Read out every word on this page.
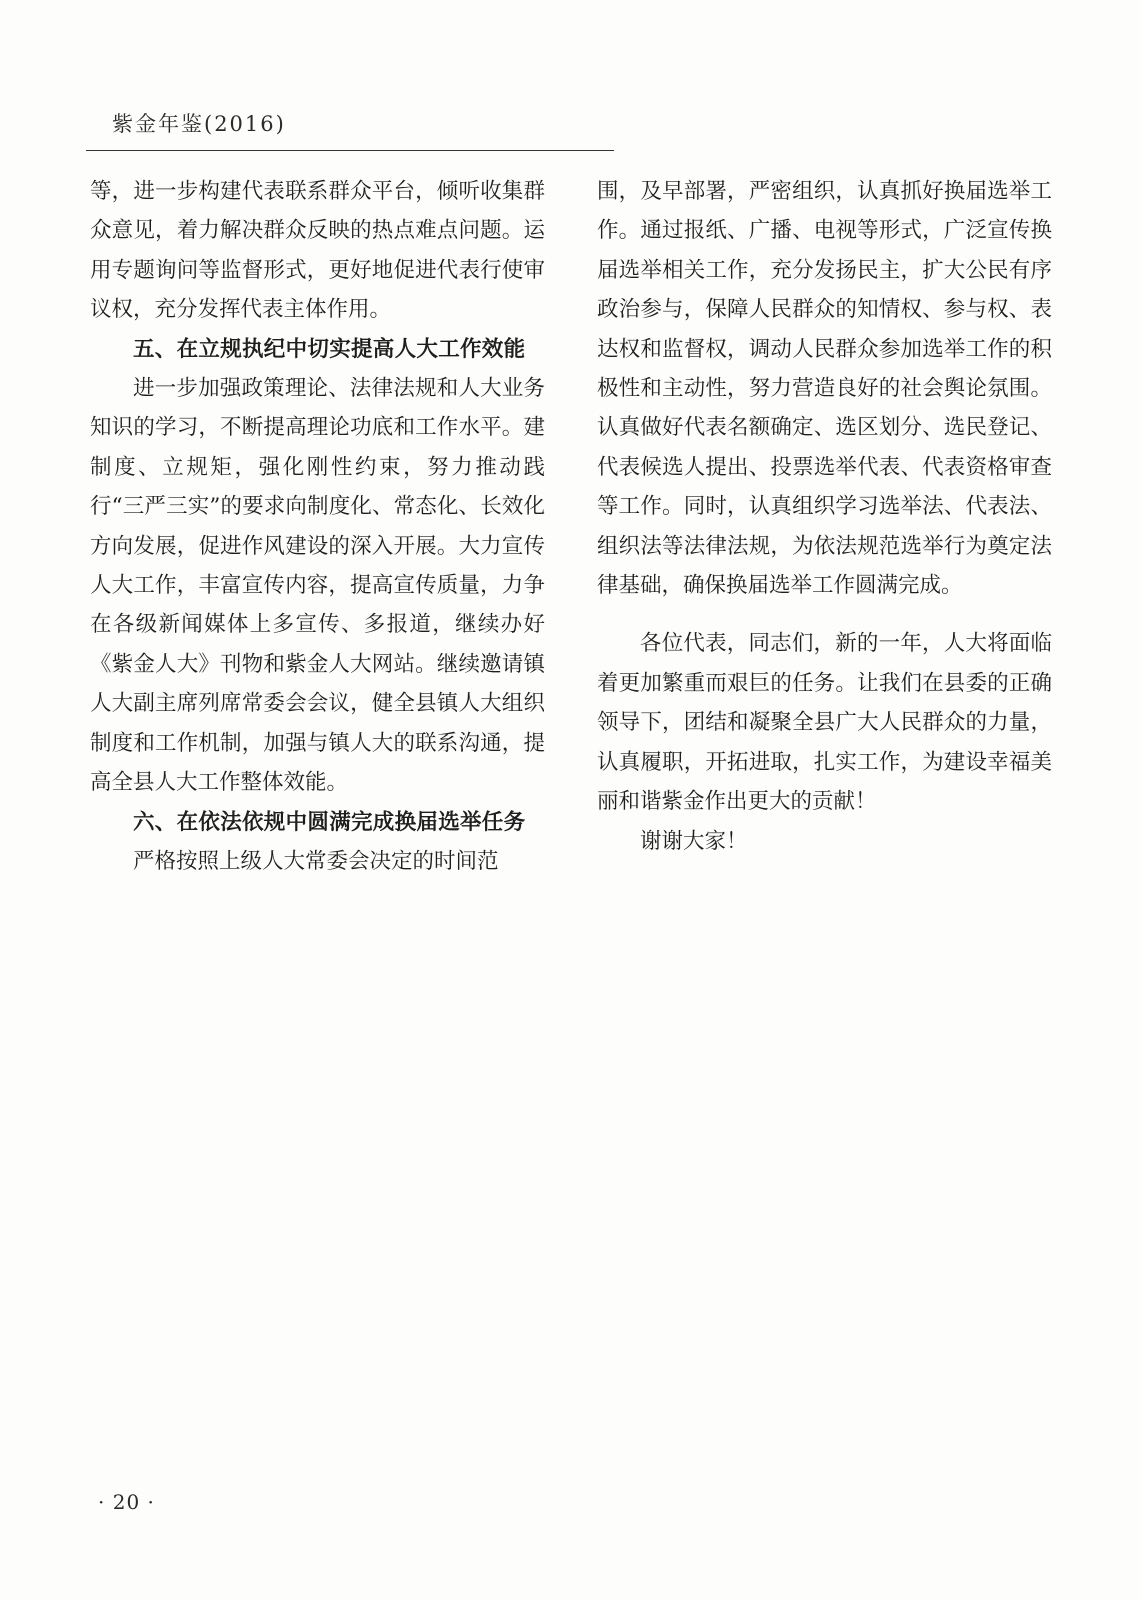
紫金年鉴(2016)

等，进一步构建代表联系群众平台，倾听收集群众意见，着力解决群众反映的热点难点问题。运用专题询问等监督形式，更好地促进代表行使审议权，充分发挥代表主体作用。

五、在立规执纪中切实提高人大工作效能

进一步加强政策理论、法律法规和人大业务知识的学习，不断提高理论功底和工作水平。建制度、立规矩，强化刚性约束，努力推动践行“三严三实”的要求向制度化、常态化、长效化方向发展，促进作风建设的深入开展。大力宣传人大工作，丰富宣传内容，提高宣传质量，力争在各级新闻媒体上多宣传、多报道，继续办好《紫金人大》刊物和紫金人大网站。继续邀请镇人大副主席列席常委会会议，健全县镇人大组织制度和工作机制，加强与镇人大的联系沟通，提高全县人大工作整体效能。

六、在依法依规中圆满完成换届选举任务

严格按照上级人大常委会决定的时间范

围，及早部署，严密组织，认真抓好换届选举工作。通过报纸、广播、电视等形式，广泛宣传换届选举相关工作，充分发扬民主，扩大公民有序政治参与，保障人民群众的知情权、参与权、表达权和监督权，调动人民群众参加选举工作的积极性和主动性，努力营造良好的社会舆论氛围。认真做好代表名额确定、选区划分、选民登记、代表候选人提出、投票选举代表、代表资格审查等工作。同时，认真组织学习选举法、代表法、组织法等法律法规，为依法规范选举行为奠定法律基础，确保换届选举工作圆满完成。

各位代表，同志们，新的一年，人大将面临着更加繁重而艰巨的任务。让我们在县委的正确领导下，团结和凝聚全县广大人民群众的力量，认真履职，开拓进取，扎实工作，为建设幸福美丽和谐紫金作出更大的贡献！

谢谢大家！

· 20 ·
